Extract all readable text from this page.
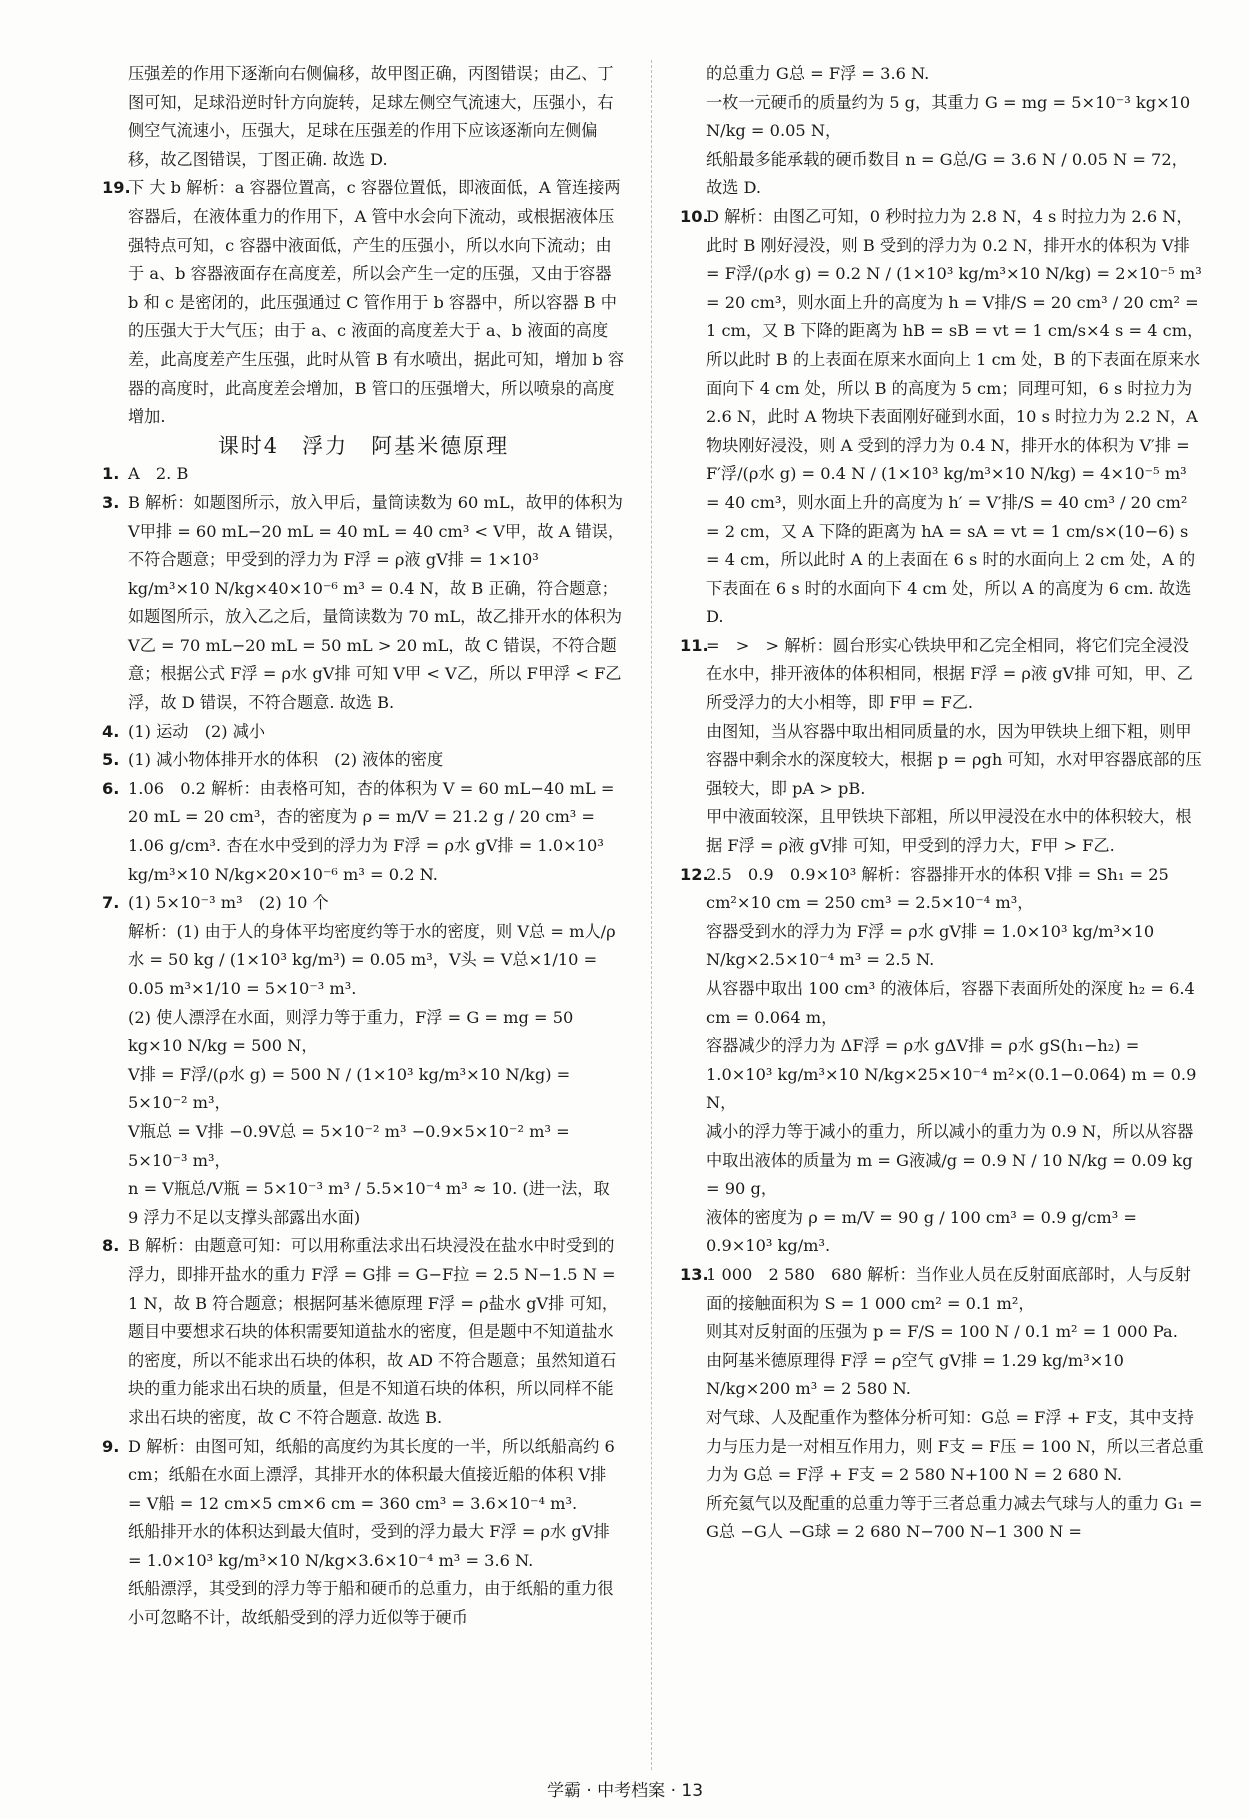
压强差的作用下逐渐向右侧偏移，故甲图正确，丙图错误；由乙、丁图可知，足球沿逆时针方向旋转，足球左侧空气流速大，压强小，右侧空气流速小，压强大，足球在压强差的作用下应该逐渐向左侧偏移，故乙图错误，丁图正确. 故选 D.
19.下 大 b 解析：a 容器位置高，c 容器位置低，即液面低，A 管连接两容器后，在液体重力的作用下，A 管中水会向下流动，或根据液体压强特点可知，c 容器中液面低，产生的压强小，所以水向下流动；由于 a、b 容器液面存在高度差，所以会产生一定的压强，又由于容器 b 和 c 是密闭的，此压强通过 C 管作用于 b 容器中，所以容器 B 中的压强大于大气压；由于 a、c 液面的高度差大于 a、b 液面的高度差，此高度差产生压强，此时从管 B 有水喷出，据此可知，增加 b 容器的高度时，此高度差会增加，B 管口的压强增大，所以喷泉的高度增加.
课时4　浮力　阿基米德原理
1. A　2. B
3. B 解析：如题图所示，放入甲后，量筒读数为 60 mL，故甲的体积为 V甲排 = 60 mL−20 mL = 40 mL = 40 cm³ < V甲，故 A 错误，不符合题意；甲受到的浮力为 F浮 = ρ液 gV排 = 1×10³ kg/m³×10 N/kg×40×10⁻⁶ m³ = 0.4 N，故 B 正确，符合题意；如题图所示，放入乙之后，量筒读数为 70 mL，故乙排开水的体积为 V乙 = 70 mL−20 mL = 50 mL > 20 mL，故 C 错误，不符合题意；根据公式 F浮 = ρ水 gV排 可知 V甲 < V乙，所以 F甲浮 < F乙浮，故 D 错误，不符合题意. 故选 B.
4. (1) 运动　(2) 减小
5. (1) 减小物体排开水的体积　(2) 液体的密度
6. 1.06　0.2 解析：由表格可知，杏的体积为 V = 60 mL−40 mL = 20 mL = 20 cm³，杏的密度为 ρ = m/V = 21.2 g / 20 cm³ = 1.06 g/cm³. 杏在水中受到的浮力为 F浮 = ρ水 gV排 = 1.0×10³ kg/m³×10 N/kg×20×10⁻⁶ m³ = 0.2 N.
7. (1) 5×10⁻³ m³　(2) 10 个
解析：(1) 由于人的身体平均密度约等于水的密度，则 V总 = m人/ρ水 = 50 kg / (1×10³ kg/m³) = 0.05 m³，V头 = V总×1/10 = 0.05 m³×1/10 = 5×10⁻³ m³.
(2) 使人漂浮在水面，则浮力等于重力，F浮 = G = mg = 50 kg×10 N/kg = 500 N，
V排 = F浮/(ρ水 g) = 500 N / (1×10³ kg/m³×10 N/kg) = 5×10⁻² m³，
V瓶总 = V排 −0.9V总 = 5×10⁻² m³ −0.9×5×10⁻² m³ = 5×10⁻³ m³，
n = V瓶总/V瓶 = 5×10⁻³ m³ / 5.5×10⁻⁴ m³ ≈ 10. (进一法，取 9 浮力不足以支撑头部露出水面)
8. B 解析：由题意可知：可以用称重法求出石块浸没在盐水中时受到的浮力，即排开盐水的重力 F浮 = G排 = G−F拉 = 2.5 N−1.5 N = 1 N，故 B 符合题意；根据阿基米德原理 F浮 = ρ盐水 gV排 可知，题目中要想求石块的体积需要知道盐水的密度，但是题中不知道盐水的密度，所以不能求出石块的体积，故 AD 不符合题意；虽然知道石块的重力能求出石块的质量，但是不知道石块的体积，所以同样不能求出石块的密度，故 C 不符合题意. 故选 B.
9. D 解析：由图可知，纸船的高度约为其长度的一半，所以纸船高约 6 cm；纸船在水面上漂浮，其排开水的体积最大值接近船的体积 V排 = V船 = 12 cm×5 cm×6 cm = 360 cm³ = 3.6×10⁻⁴ m³.
纸船排开水的体积达到最大值时，受到的浮力最大 F浮 = ρ水 gV排 = 1.0×10³ kg/m³×10 N/kg×3.6×10⁻⁴ m³ = 3.6 N.
纸船漂浮，其受到的浮力等于船和硬币的总重力，由于纸船的重力很小可忽略不计，故纸船受到的浮力近似等于硬币
的总重力 G总 = F浮 = 3.6 N.
一枚一元硬币的质量约为 5 g，其重力 G = mg = 5×10⁻³ kg×10 N/kg = 0.05 N，
纸船最多能承载的硬币数目 n = G总/G = 3.6 N / 0.05 N = 72，
故选 D.
10.D 解析：由图乙可知，0 秒时拉力为 2.8 N，4 s 时拉力为 2.6 N，此时 B 刚好浸没，则 B 受到的浮力为 0.2 N，排开水的体积为 V排 = F浮/(ρ水 g) = 0.2 N / (1×10³ kg/m³×10 N/kg) = 2×10⁻⁵ m³ = 20 cm³，则水面上升的高度为 h = V排/S = 20 cm³ / 20 cm² = 1 cm，又 B 下降的距离为 hB = sB = vt = 1 cm/s×4 s = 4 cm，所以此时 B 的上表面在原来水面向上 1 cm 处，B 的下表面在原来水面向下 4 cm 处，所以 B 的高度为 5 cm；同理可知，6 s 时拉力为 2.6 N，此时 A 物块下表面刚好碰到水面，10 s 时拉力为 2.2 N，A 物块刚好浸没，则 A 受到的浮力为 0.4 N，排开水的体积为 V′排 = F′浮/(ρ水 g) = 0.4 N / (1×10³ kg/m³×10 N/kg) = 4×10⁻⁵ m³ = 40 cm³，则水面上升的高度为 h′ = V′排/S = 40 cm³ / 20 cm² = 2 cm，又 A 下降的距离为 hA = sA = vt = 1 cm/s×(10−6) s = 4 cm，所以此时 A 的上表面在 6 s 时的水面向上 2 cm 处，A 的下表面在 6 s 时的水面向下 4 cm 处，所以 A 的高度为 6 cm. 故选 D.
11.=　>　> 解析：圆台形实心铁块甲和乙完全相同，将它们完全浸没在水中，排开液体的体积相同，根据 F浮 = ρ液 gV排 可知，甲、乙所受浮力的大小相等，即 F甲 = F乙.
由图知，当从容器中取出相同质量的水，因为甲铁块上细下粗，则甲容器中剩余水的深度较大，根据 p = ρgh 可知，水对甲容器底部的压强较大，即 pA > pB.
甲中液面较深，且甲铁块下部粗，所以甲浸没在水中的体积较大，根据 F浮 = ρ液 gV排 可知，甲受到的浮力大，F甲 > F乙.
12.2.5　0.9　0.9×10³ 解析：容器排开水的体积 V排 = Sh₁ = 25 cm²×10 cm = 250 cm³ = 2.5×10⁻⁴ m³，
容器受到水的浮力为 F浮 = ρ水 gV排 = 1.0×10³ kg/m³×10 N/kg×2.5×10⁻⁴ m³ = 2.5 N.
从容器中取出 100 cm³ 的液体后，容器下表面所处的深度 h₂ = 6.4 cm = 0.064 m，
容器减少的浮力为 ΔF浮 = ρ水 gΔV排 = ρ水 gS(h₁−h₂) = 1.0×10³ kg/m³×10 N/kg×25×10⁻⁴ m²×(0.1−0.064) m = 0.9 N，
减小的浮力等于减小的重力，所以减小的重力为 0.9 N，所以从容器中取出液体的质量为 m = G液减/g = 0.9 N / 10 N/kg = 0.09 kg = 90 g，
液体的密度为 ρ = m/V = 90 g / 100 cm³ = 0.9 g/cm³ = 0.9×10³ kg/m³.
13.1 000　2 580　680 解析：当作业人员在反射面底部时，人与反射面的接触面积为 S = 1 000 cm² = 0.1 m²，
则其对反射面的压强为 p = F/S = 100 N / 0.1 m² = 1 000 Pa.
由阿基米德原理得 F浮 = ρ空气 gV排 = 1.29 kg/m³×10 N/kg×200 m³ = 2 580 N.
对气球、人及配重作为整体分析可知：G总 = F浮 + F支，其中支持力与压力是一对相互作用力，则 F支 = F压 = 100 N，所以三者总重力为 G总 = F浮 + F支 = 2 580 N+100 N = 2 680 N.
所充氦气以及配重的总重力等于三者总重力减去气球与人的重力 G₁ = G总 −G人 −G球 = 2 680 N−700 N−1 300 N =
学霸 · 中考档案 · 13
